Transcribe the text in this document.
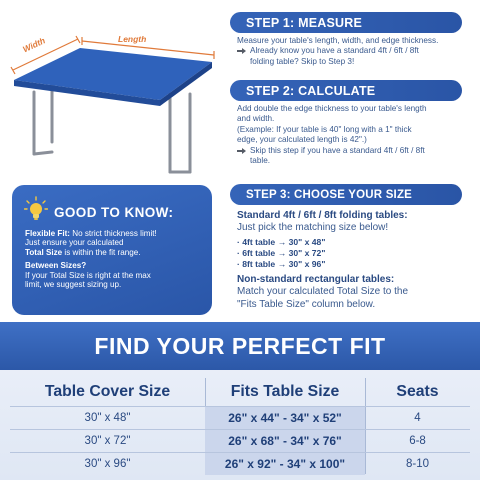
Width	Length
STEP 1: MEASURE
Measure your table's length, width, and edge thickness.
Already know you have a standard 4ft / 6ft / 8ft
folding table? Skip to Step 3!
STEP 2: CALCULATE
Add double the edge thickness to your table's length
and width.
(Example: If your table is 40" long with a 1" thick
edge, your calculated length is 42".)
Skip this step if you have a standard 4ft / 6ft / 8ft
table.
STEP 3: CHOOSE YOUR SIZE
Standard 4ft / 6ft / 8ft folding tables:
Just pick the matching size below!
· 4ft table → 30" x 48"
· 6ft table → 30" x 72"
· 8ft table → 30" x 96"
Non-standard rectangular tables:
Match your calculated Total Size to the
"Fits Table Size" column below.
GOOD TO KNOW:
Flexible Fit: No strict thickness limit!
Just ensure your calculated
Total Size is within the fit range.
Between Sizes?
If your Total Size is right at the max
limit, we suggest sizing up.
FIND YOUR PERFECT FIT
Table Cover Size	Fits Table Size	Seats
30" x 48"	26" x 44" - 34" x 52"	4
30" x 72"	26" x 68" - 34" x 76"	6-8
30" x 96"	26" x 92" - 34" x 100"	8-10
